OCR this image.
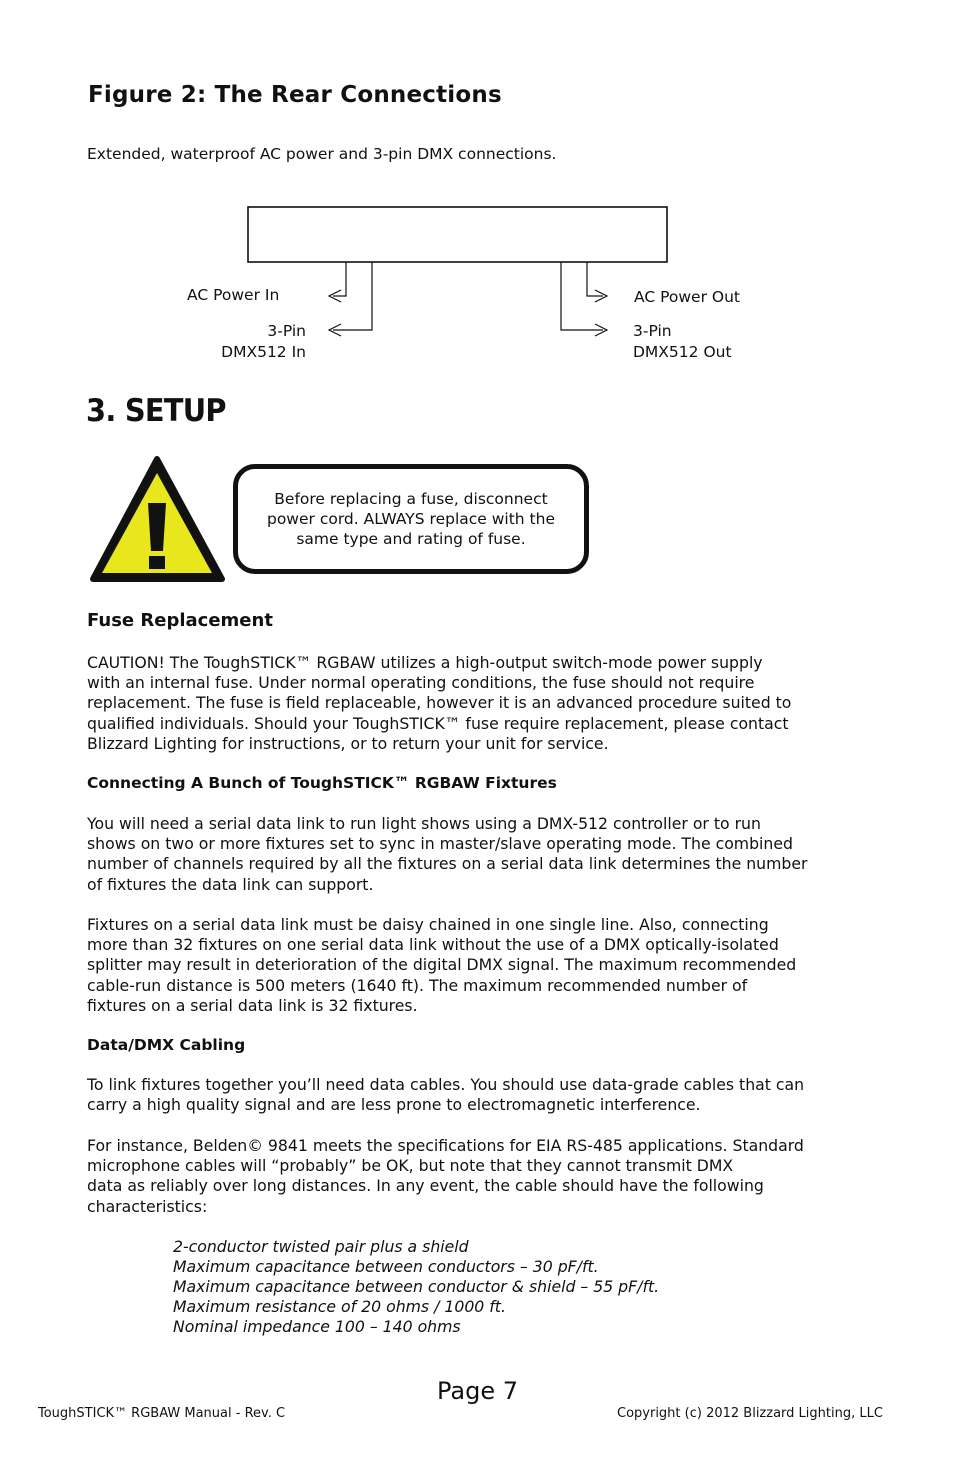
Figure 2: The Rear Connections
Extended, waterproof AC power and 3-pin DMX connections.
AC Power In	AC Power Out
3-Pin
DMX512 In
3-Pin
DMX512 Out
3. SETUP
Before replacing a fuse, disconnect
power cord. ALWAYS replace with the
same type and rating of fuse.
Fuse Replacement
CAUTION! The ToughSTICK™ RGBAW utilizes a high-output switch-mode power supply
with an internal fuse. Under normal operating conditions, the fuse should not require
replacement. The fuse is field replaceable, however it is an advanced procedure suited to
qualified individuals. Should your ToughSTICK™ fuse require replacement, please contact
Blizzard Lighting for instructions, or to return your unit for service.
Connecting A Bunch of ToughSTICK™ RGBAW Fixtures
You will need a serial data link to run light shows using a DMX-512 controller or to run
shows on two or more fixtures set to sync in master/slave operating mode. The combined
number of channels required by all the fixtures on a serial data link determines the number
of fixtures the data link can support.
Fixtures on a serial data link must be daisy chained in one single line. Also, connecting
more than 32 fixtures on one serial data link without the use of a DMX optically-isolated
splitter may result in deterioration of the digital DMX signal. The maximum recommended
cable-run distance is 500 meters (1640 ft). The maximum recommended number of
fixtures on a serial data link is 32 fixtures.
Data/DMX Cabling
To link fixtures together you’ll need data cables. You should use data-grade cables that can
carry a high quality signal and are less prone to electromagnetic interference.
For instance, Belden© 9841 meets the specifications for EIA RS-485 applications. Standard
microphone cables will “probably” be OK, but note that they cannot transmit DMX
data as reliably over long distances. In any event, the cable should have the following
characteristics:
2-conductor twisted pair plus a shield
Maximum capacitance between conductors – 30 pF/ft.
Maximum capacitance between conductor & shield – 55 pF/ft.
Maximum resistance of 20 ohms / 1000 ft.
Nominal impedance 100 – 140 ohms
Page 7
ToughSTICK™ RGBAW Manual - Rev. C	Copyright (c) 2012 Blizzard Lighting, LLC
